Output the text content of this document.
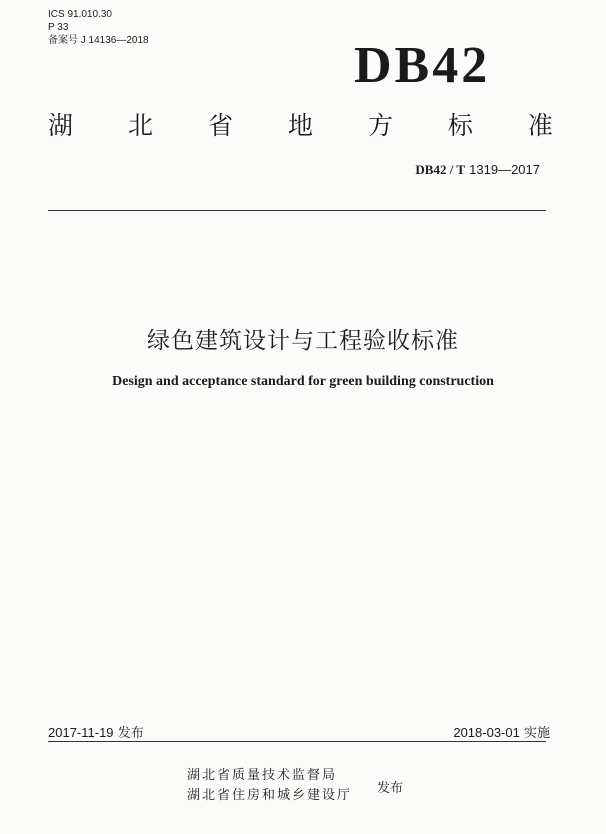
ICS 91.010.30
P 33
备案号 J 14136—2018	DB42
湖 北 省 地 方 标 准
DB42 / T 1319—2017
绿色建筑设计与工程验收标准
Design and acceptance standard for green building construction
2017-11-19 发布	2018-03-01 实施
湖北省质量技术监督局
湖北省住房和城乡建设厅 发布
